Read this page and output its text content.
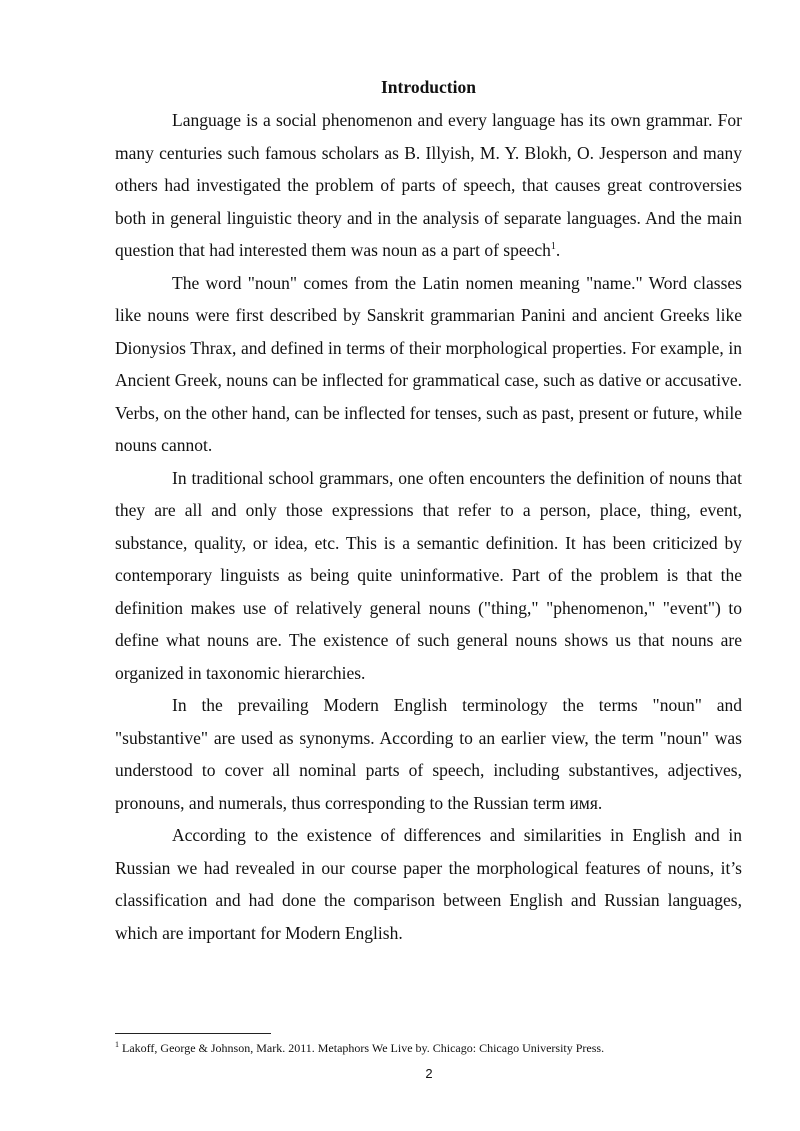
Introduction

Language is a social phenomenon and every language has its own grammar. For many centuries such famous scholars as B. Illyish, M. Y. Blokh, O. Jesperson and many others had investigated the problem of parts of speech, that causes great controversies both in general linguistic theory and in the analysis of separate languages. And the main question that had interested them was noun as a part of speech$^1$.

The word "noun" comes from the Latin nomen meaning "name." Word classes like nouns were first described by Sanskrit grammarian Panini and ancient Greeks like Dionysios Thrax, and defined in terms of their morphological properties. For example, in Ancient Greek, nouns can be inflected for grammatical case, such as dative or accusative. Verbs, on the other hand, can be inflected for tenses, such as past, present or future, while nouns cannot.

In traditional school grammars, one often encounters the definition of nouns that they are all and only those expressions that refer to a person, place, thing, event, substance, quality, or idea, etc. This is a semantic definition. It has been criticized by contemporary linguists as being quite uninformative. Part of the problem is that the definition makes use of relatively general nouns ("thing," "phenomenon," "event") to define what nouns are. The existence of such general nouns shows us that nouns are organized in taxonomic hierarchies.

In the prevailing Modern English terminology the terms "noun" and "substantive" are used as synonyms. According to an earlier view, the term "noun" was understood to cover all nominal parts of speech, including substantives, adjectives, pronouns, and numerals, thus corresponding to the Russian term имя.

According to the existence of differences and similarities in English and in Russian we had revealed in our course paper the morphological features of nouns, it’s classification and had done the comparison between English and Russian languages, which are important for Modern English.

$^1$ Lakoff, George & Johnson, Mark. 2011. Metaphors We Live by. Chicago: Chicago University Press.

2
